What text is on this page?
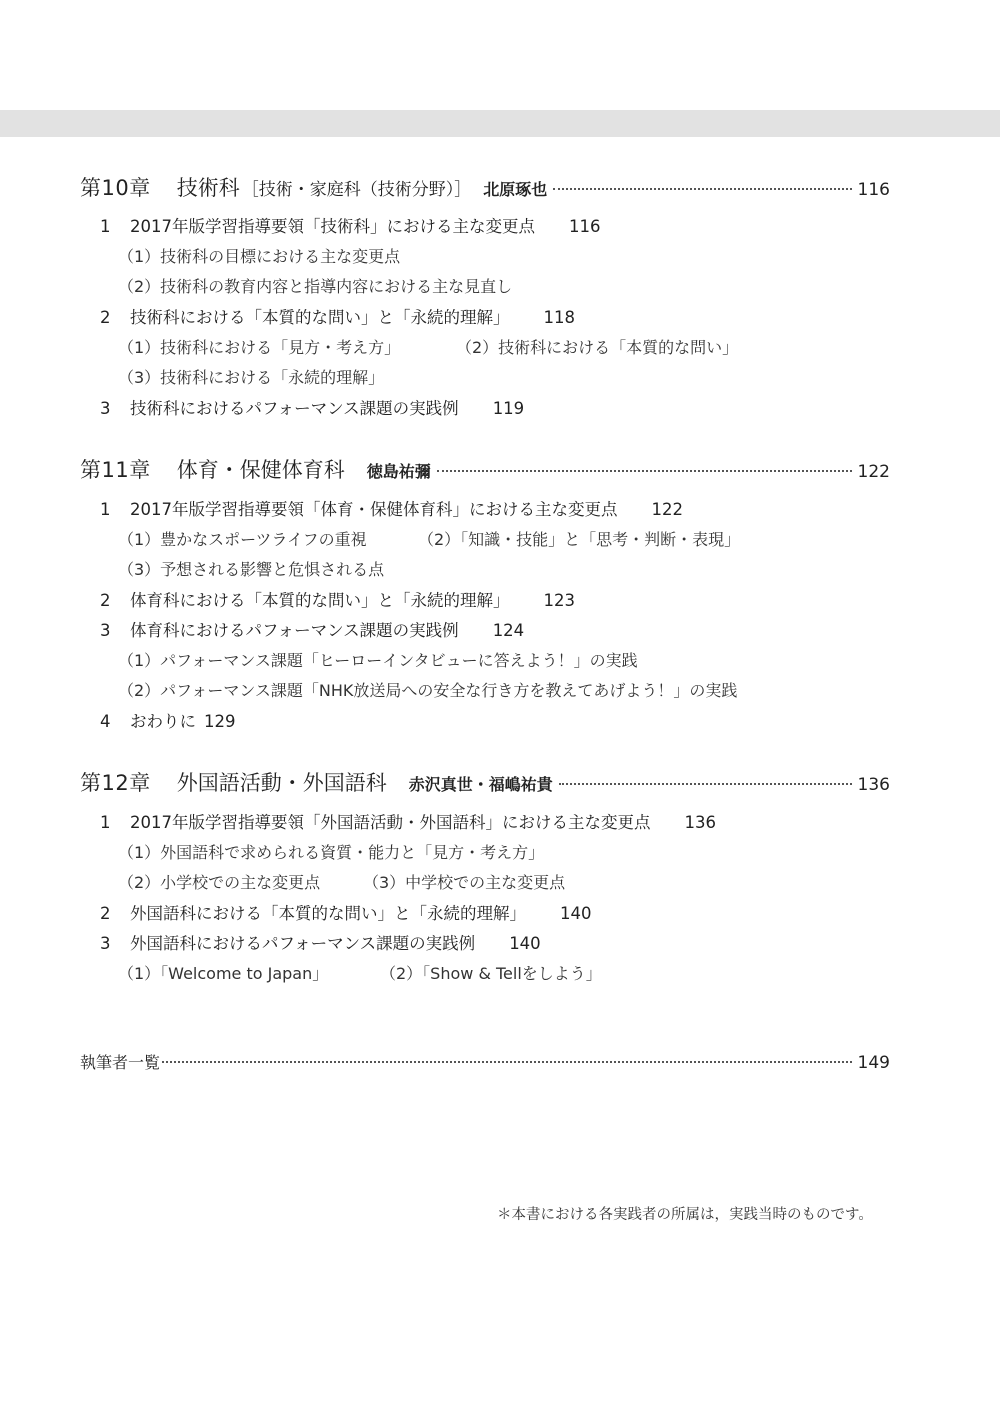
第10章 技術科 ［技術・家庭科（技術分野）］ 北原琢也	116
1 2017年版学習指導要領「技術科」における主な変更点 116
（1）技術科の目標における主な変更点
（2）技術科の教育内容と指導内容における主な見直し
2 技術科における「本質的な問い」と「永続的理解」 118
（1）技術科における「見方・考え方」	（2）技術科における「本質的な問い」
（3）技術科における「永続的理解」
3 技術科におけるパフォーマンス課題の実践例 119
第11章 体育・保健体育科 徳島祐彌	122
1 2017年版学習指導要領「体育・保健体育科」における主な変更点 122
（1）豊かなスポーツライフの重視	（2）「知識・技能」と「思考・判断・表現」
（3）予想される影響と危惧される点
2 体育科における「本質的な問い」と「永続的理解」 123
3 体育科におけるパフォーマンス課題の実践例 124
（1）パフォーマンス課題「ヒーローインタビューに答えよう！」の実践
（2）パフォーマンス課題「NHK放送局への安全な行き方を教えてあげよう！」の実践
4 おわりに 129
第12章 外国語活動・外国語科 赤沢真世・福嶋祐貴	136
1 2017年版学習指導要領「外国語活動・外国語科」における主な変更点 136
（1）外国語科で求められる資質・能力と「見方・考え方」
（2）小学校での主な変更点	（3）中学校での主な変更点
2 外国語科における「本質的な問い」と「永続的理解」 140
3 外国語科におけるパフォーマンス課題の実践例 140
（1）「Welcome to Japan」	（2）「Show & Tellをしよう」
執筆者一覧	149
＊本書における各実践者の所属は，実践当時のものです。
